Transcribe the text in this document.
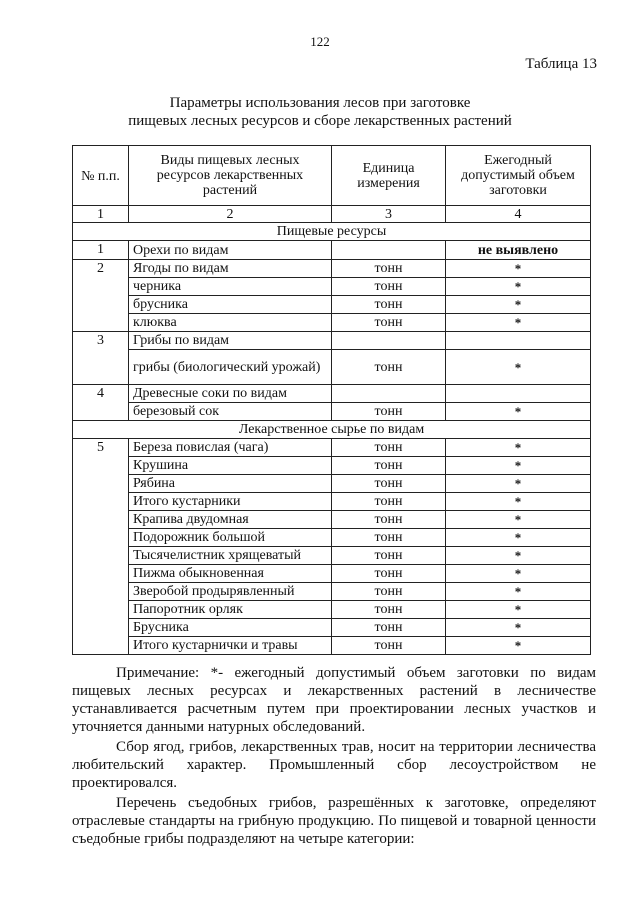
122
Таблица 13
Параметры использования лесов при заготовке
пищевых лесных ресурсов и сборе лекарственных растений
№ п.п.	Виды пищевых лесных ресурсов лекарственных растений	Единица измерения	Ежегодный допустимый объем заготовки
1	2	3	4
Пищевые ресурсы			
1	Орехи по видам		не выявлено
2	Ягоды по видам	тонн	*
	черника	тонн	*
	брусника	тонн	*
	клюква	тонн	*
3	Грибы по видам		
	грибы (биологический урожай)	тонн	*
4	Древесные соки по видам		
	березовый сок	тонн	*
Лекарственное сырье по видам			
5	Береза повислая (чага)	тонн	*
	Крушина	тонн	*
	Рябина	тонн	*
	Итого кустарники	тонн	*
	Крапива двудомная	тонн	*
	Подорожник большой	тонн	*
	Тысячелистник хрящеватый	тонн	*
	Пижма обыкновенная	тонн	*
	Зверобой продырявленный	тонн	*
	Папоротник орляк	тонн	*
	Брусника	тонн	*
	Итого кустарнички и травы	тонн	*

Примечание: *- ежегодный допустимый объем заготовки по видам пищевых лесных ресурсах и лекарственных растений в лесничестве устанавливается расчетным путем при проектировании лесных участков и уточняется данными натурных обследований.

Сбор ягод, грибов, лекарственных трав, носит на территории лесничества любительский характер. Промышленный сбор лесоустройством не проектировался.

Перечень съедобных грибов, разрешённых к заготовке, определяют отраслевые стандарты на грибную продукцию. По пищевой и товарной ценности съедобные грибы подразделяют на четыре категории:
